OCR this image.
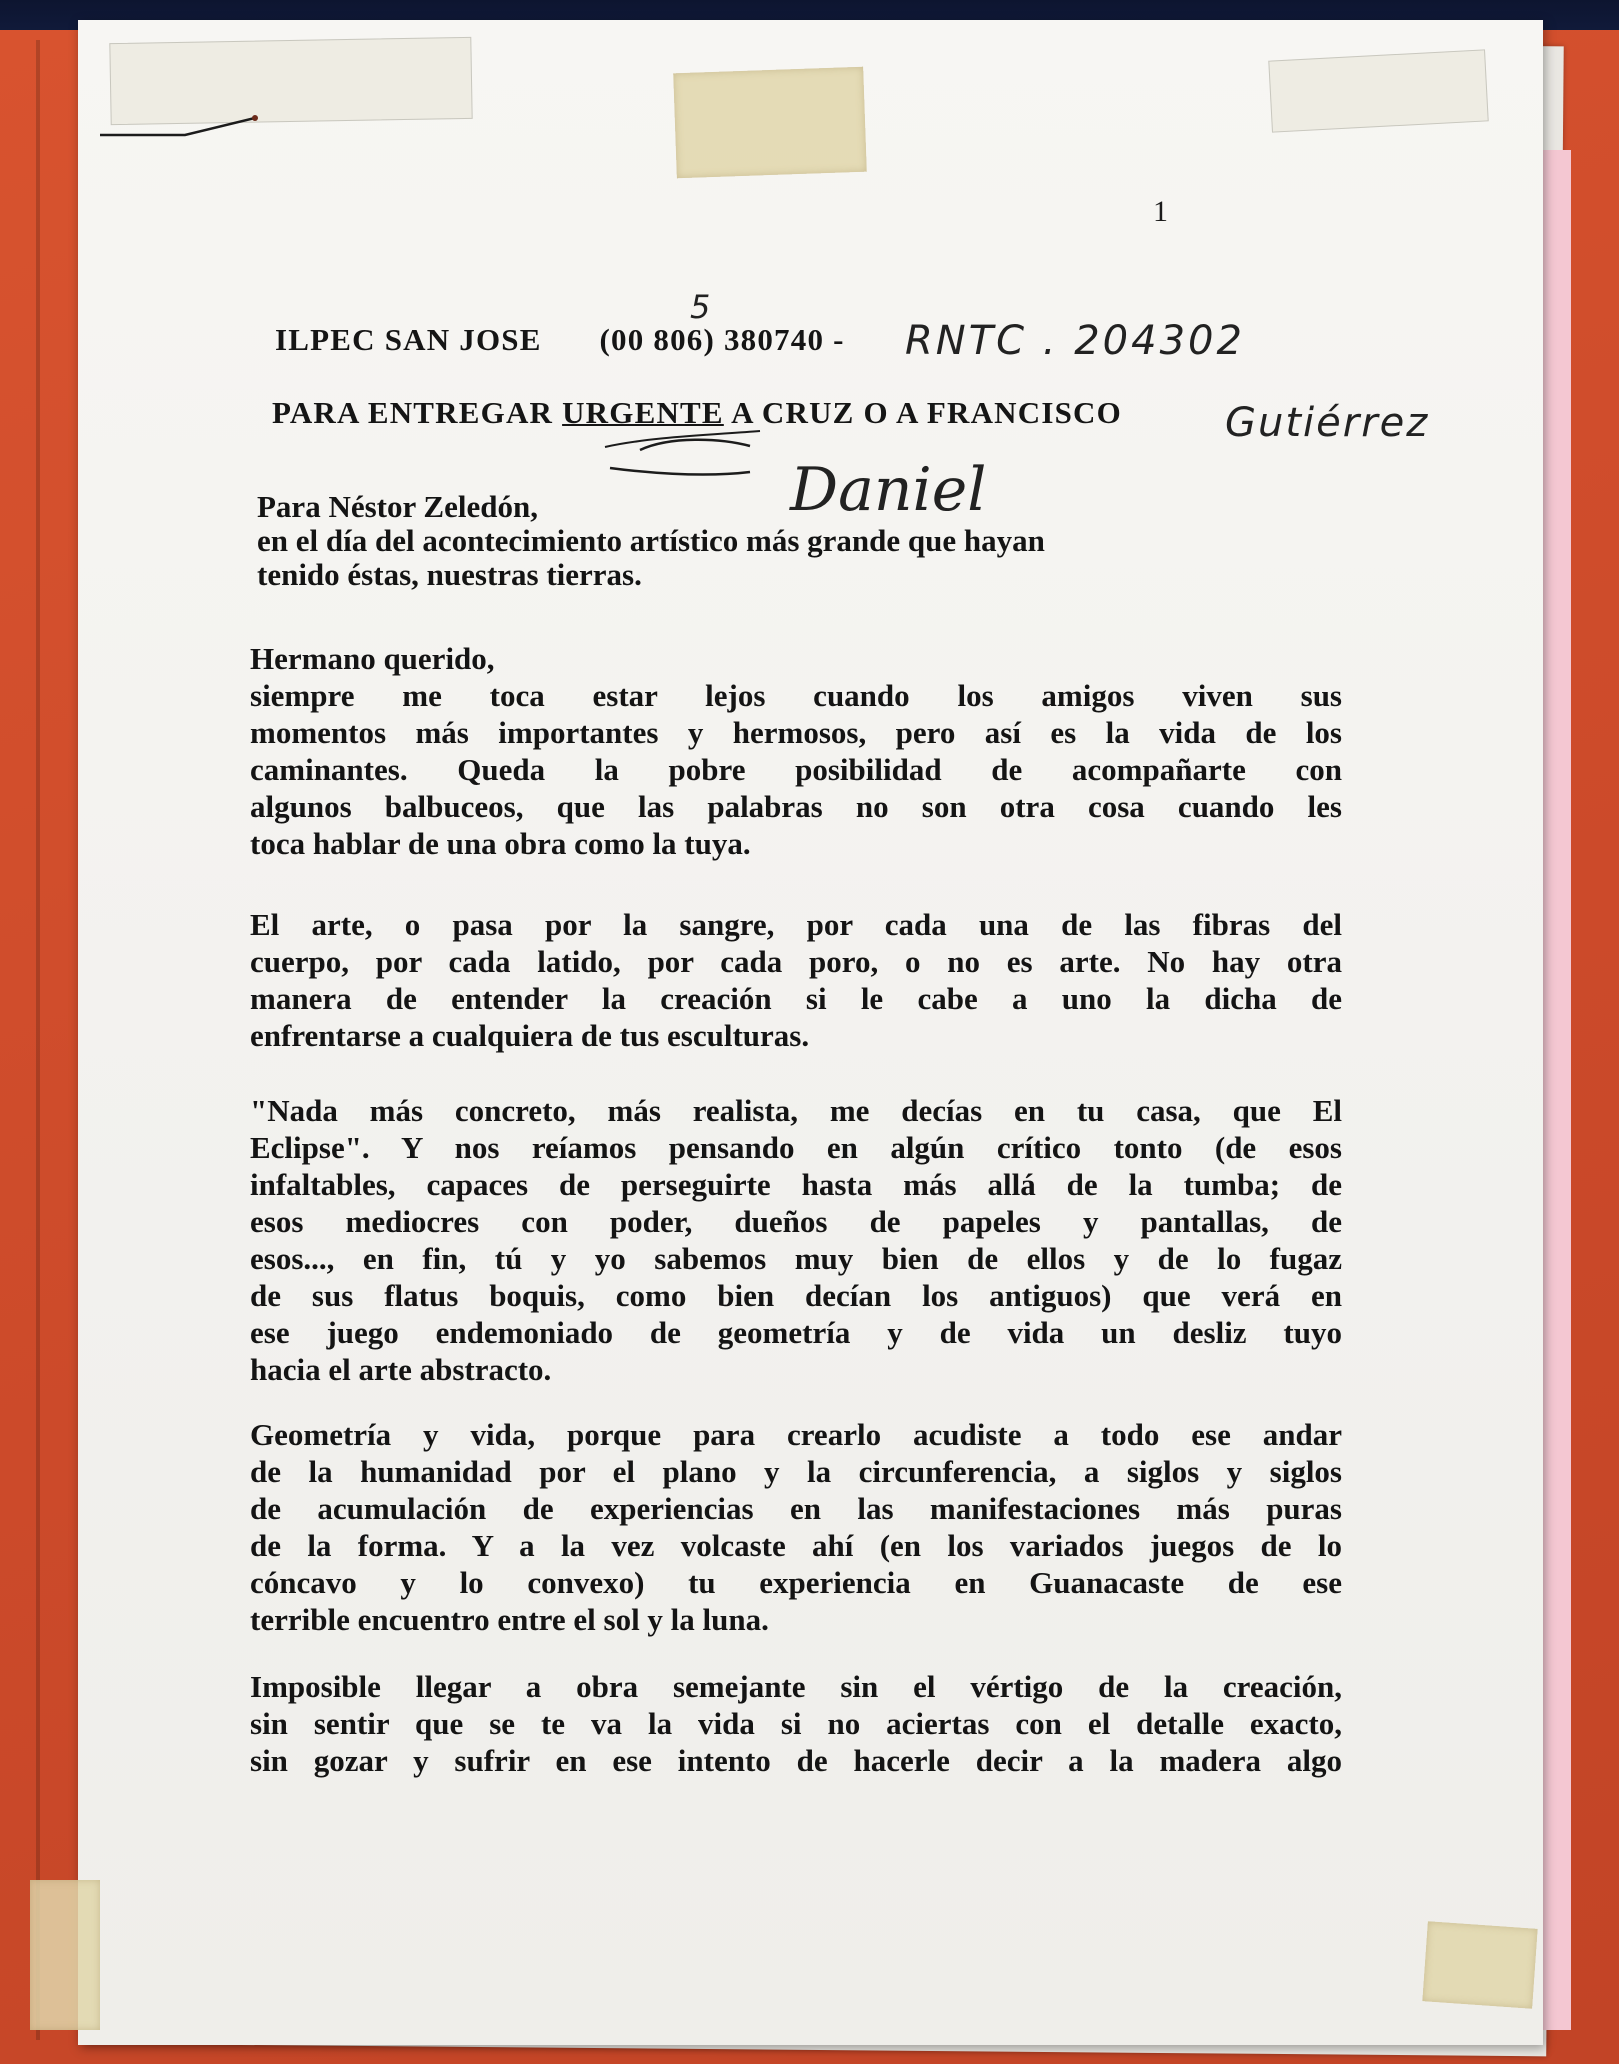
1
ILPEC SAN JOSE (00 806) 380740 -
5
RNTC . 204302
PARA ENTREGAR URGENTE A CRUZ O A FRANCISCO	Gutiérrez
Daniel
Para Néstor Zeledón,
en el día del acontecimiento artístico más grande que hayan
tenido éstas, nuestras tierras.
Hermano querido,
siempre me toca estar lejos cuando los amigos viven sus
momentos más importantes y hermosos, pero así es la vida de los
caminantes. Queda la pobre posibilidad de acompañarte con
algunos balbuceos, que las palabras no son otra cosa cuando les
toca hablar de una obra como la tuya.
El arte, o pasa por la sangre, por cada una de las fibras del
cuerpo, por cada latido, por cada poro, o no es arte. No hay otra
manera de entender la creación si le cabe a uno la dicha de
enfrentarse a cualquiera de tus esculturas.
"Nada más concreto, más realista, me decías en tu casa, que El
Eclipse". Y nos reíamos pensando en algún crítico tonto (de esos
infaltables, capaces de perseguirte hasta más allá de la tumba; de
esos mediocres con poder, dueños de papeles y pantallas, de
esos..., en fin, tú y yo sabemos muy bien de ellos y de lo fugaz
de sus flatus boquis, como bien decían los antiguos) que verá en
ese juego endemoniado de geometría y de vida un desliz tuyo
hacia el arte abstracto.
Geometría y vida, porque para crearlo acudiste a todo ese andar
de la humanidad por el plano y la circunferencia, a siglos y siglos
de acumulación de experiencias en las manifestaciones más puras
de la forma. Y a la vez volcaste ahí (en los variados juegos de lo
cóncavo y lo convexo) tu experiencia en Guanacaste de ese
terrible encuentro entre el sol y la luna.
Imposible llegar a obra semejante sin el vértigo de la creación,
sin sentir que se te va la vida si no aciertas con el detalle exacto,
sin gozar y sufrir en ese intento de hacerle decir a la madera algo
